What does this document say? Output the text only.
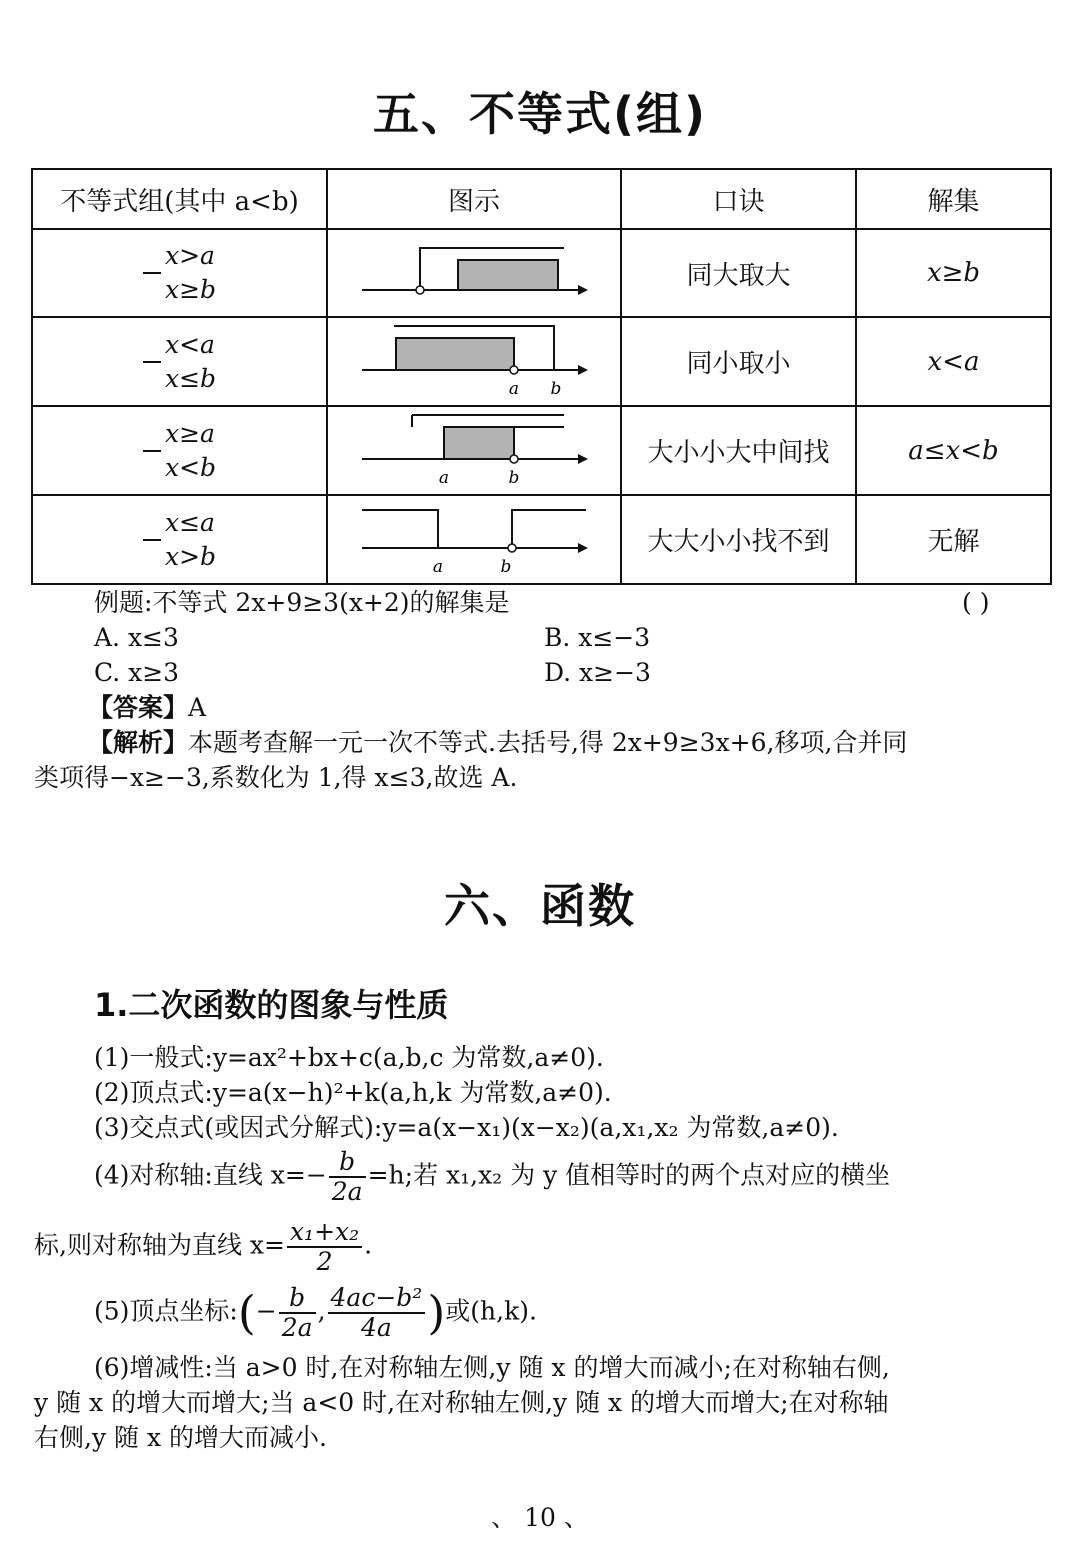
五、不等式(组)
不等式组(其中 a<b)	图示	口诀	解集

x>a
x≥b		同大取大	x≥b

x<a
x≤b	a b	同小取小	x<a

x≥a
x<b	a b	大小小大中间找	a≤x<b

x≤a
x>b	a b	大大小小找不到	无解
例题:不等式 2x+9≥3(x+2)的解集是	( )
A. x≤3	B. x≤−3
C. x≥3	D. x≥−3
【答案】A
【解析】本题考查解一元一次不等式.去括号,得 2x+9≥3x+6,移项,合并同
类项得−x≥−3,系数化为 1,得 x≤3,故选 A.
六、函数
1.二次函数的图象与性质
(1)一般式:y=ax²+bx+c(a,b,c 为常数,a≠0).
(2)顶点式:y=a(x−h)²+k(a,h,k 为常数,a≠0).
(3)交点式(或因式分解式):y=a(x−x₁)(x−x₂)(a,x₁,x₂ 为常数,a≠0).
(4)对称轴:直线 $x=- \frac{b}{2a} =h$;若 x₁,x₂ 为 y 值相等时的两个点对应的横坐
标,则对称轴为直线 $x= \frac{\text{x₁+x₂}}{2}$ .
(5)顶点坐标:(− $\frac{b}{2a}$ , $\frac{\text{4ac−b²}}{4a}$ )或(h,k).
(6)增减性:当 a>0 时,在对称轴左侧,y 随 x 的增大而减小;在对称轴右侧,
y 随 x 的增大而增大;当 a<0 时,在对称轴左侧,y 随 x 的增大而增大;在对称轴
右侧,y 随 x 的增大而减小.
、 10 、
